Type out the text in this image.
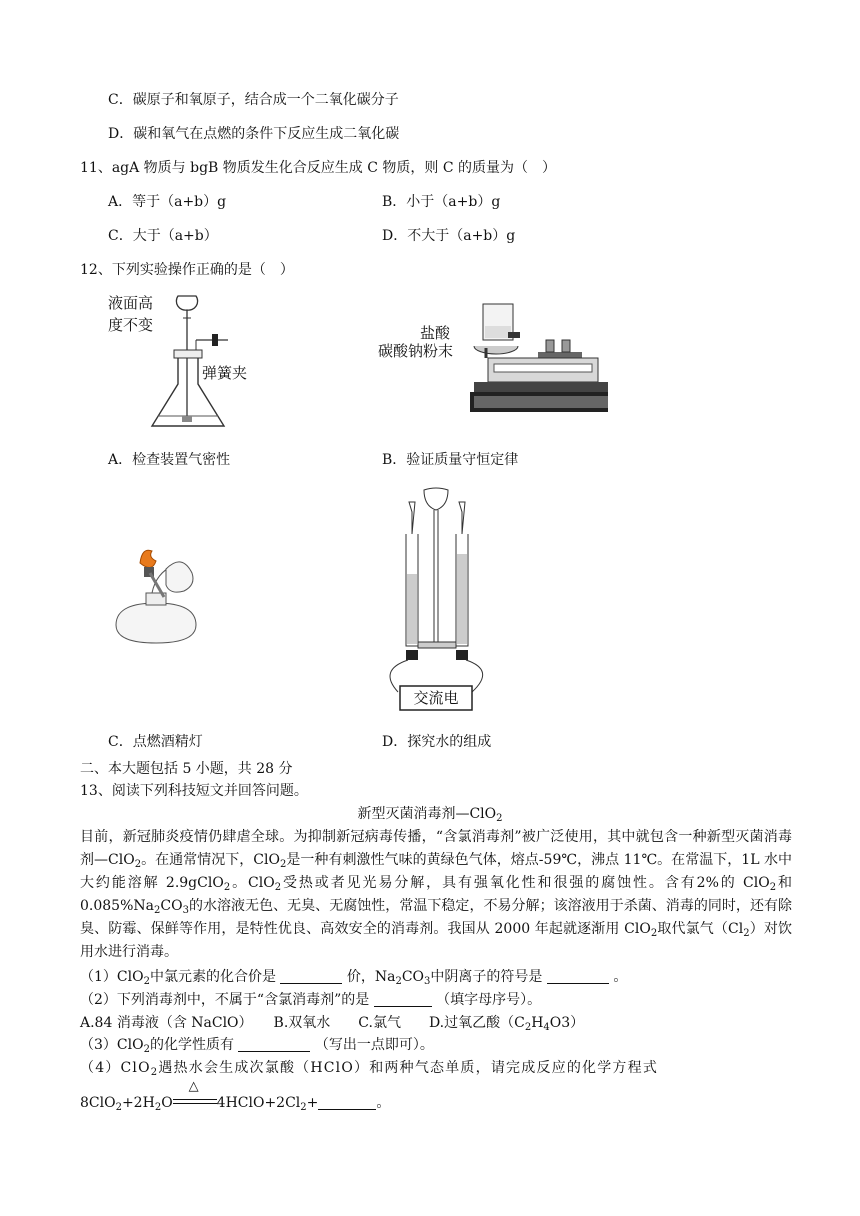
C．碳原子和氧原子，结合成一个二氧化碳分子
D．碳和氧气在点燃的条件下反应生成二氧化碳
11、agA 物质与 bgB 物质发生化合反应生成 C 物质，则 C 的质量为（　）
A．等于（a+b）g	B．小于（a+b）g
C．大于（a+b）	D．不大于（a+b）g
12、下列实验操作正确的是（　）
液面高
度不变
弹簧夹
盐酸
碳酸钠粉末
A．检查装置气密性	B．验证质量守恒定律
交流电
C．点燃酒精灯	D．探究水的组成
二、本大题包括 5 小题，共 28 分
13、阅读下列科技短文并回答问题。
新型灭菌消毒剂—ClO$_2$
目前，新冠肺炎疫情仍肆虐全球。为抑制新冠病毒传播，“含氯消毒剂”被广泛使用，其中就包含一种新型灭菌消毒剂—ClO$_2$。在通常情况下，ClO$_2$是一种有刺激性气味的黄绿色气体，熔点-59℃，沸点 11℃。在常温下，1L 水中大约能溶解 2.9gClO$_2$。ClO$_2$受热或者见光易分解，具有强氧化性和很强的腐蚀性。含有2%的 ClO$_2$和 $0.085\%Na_2CO_3$的水溶液无色、无臭、无腐蚀性，常温下稳定，不易分解；该溶液用于杀菌、消毒的同时，还有除臭、防霉、保鲜等作用，是特性优良、高效安全的消毒剂。我国从 2000 年起就逐渐用 ClO$_2$取代氯气$(Cl_2)$对饮用水进行消毒。
（1）ClO$_2$中氯元素的化合价是	价，$Na_2CO_3$中阴离子的符号是	。
（2）下列消毒剂中，不属于“含氯消毒剂”的是	（填字母序号）。
A.84 消毒液（含 NaClO）　　B.双氧水　　C.氯气　　D.过氧乙酸$(C_2H_4O3)$
（3）ClO$_2$的化学性质有	（写出一点即可）。
（4）ClO$_2$遇热水会生成次氯酸（HClO）和两种气态单质，请完成反应的化学方程式
$8ClO_2+2H_2O$
△
$4HClO+2Cl_2+$	。
